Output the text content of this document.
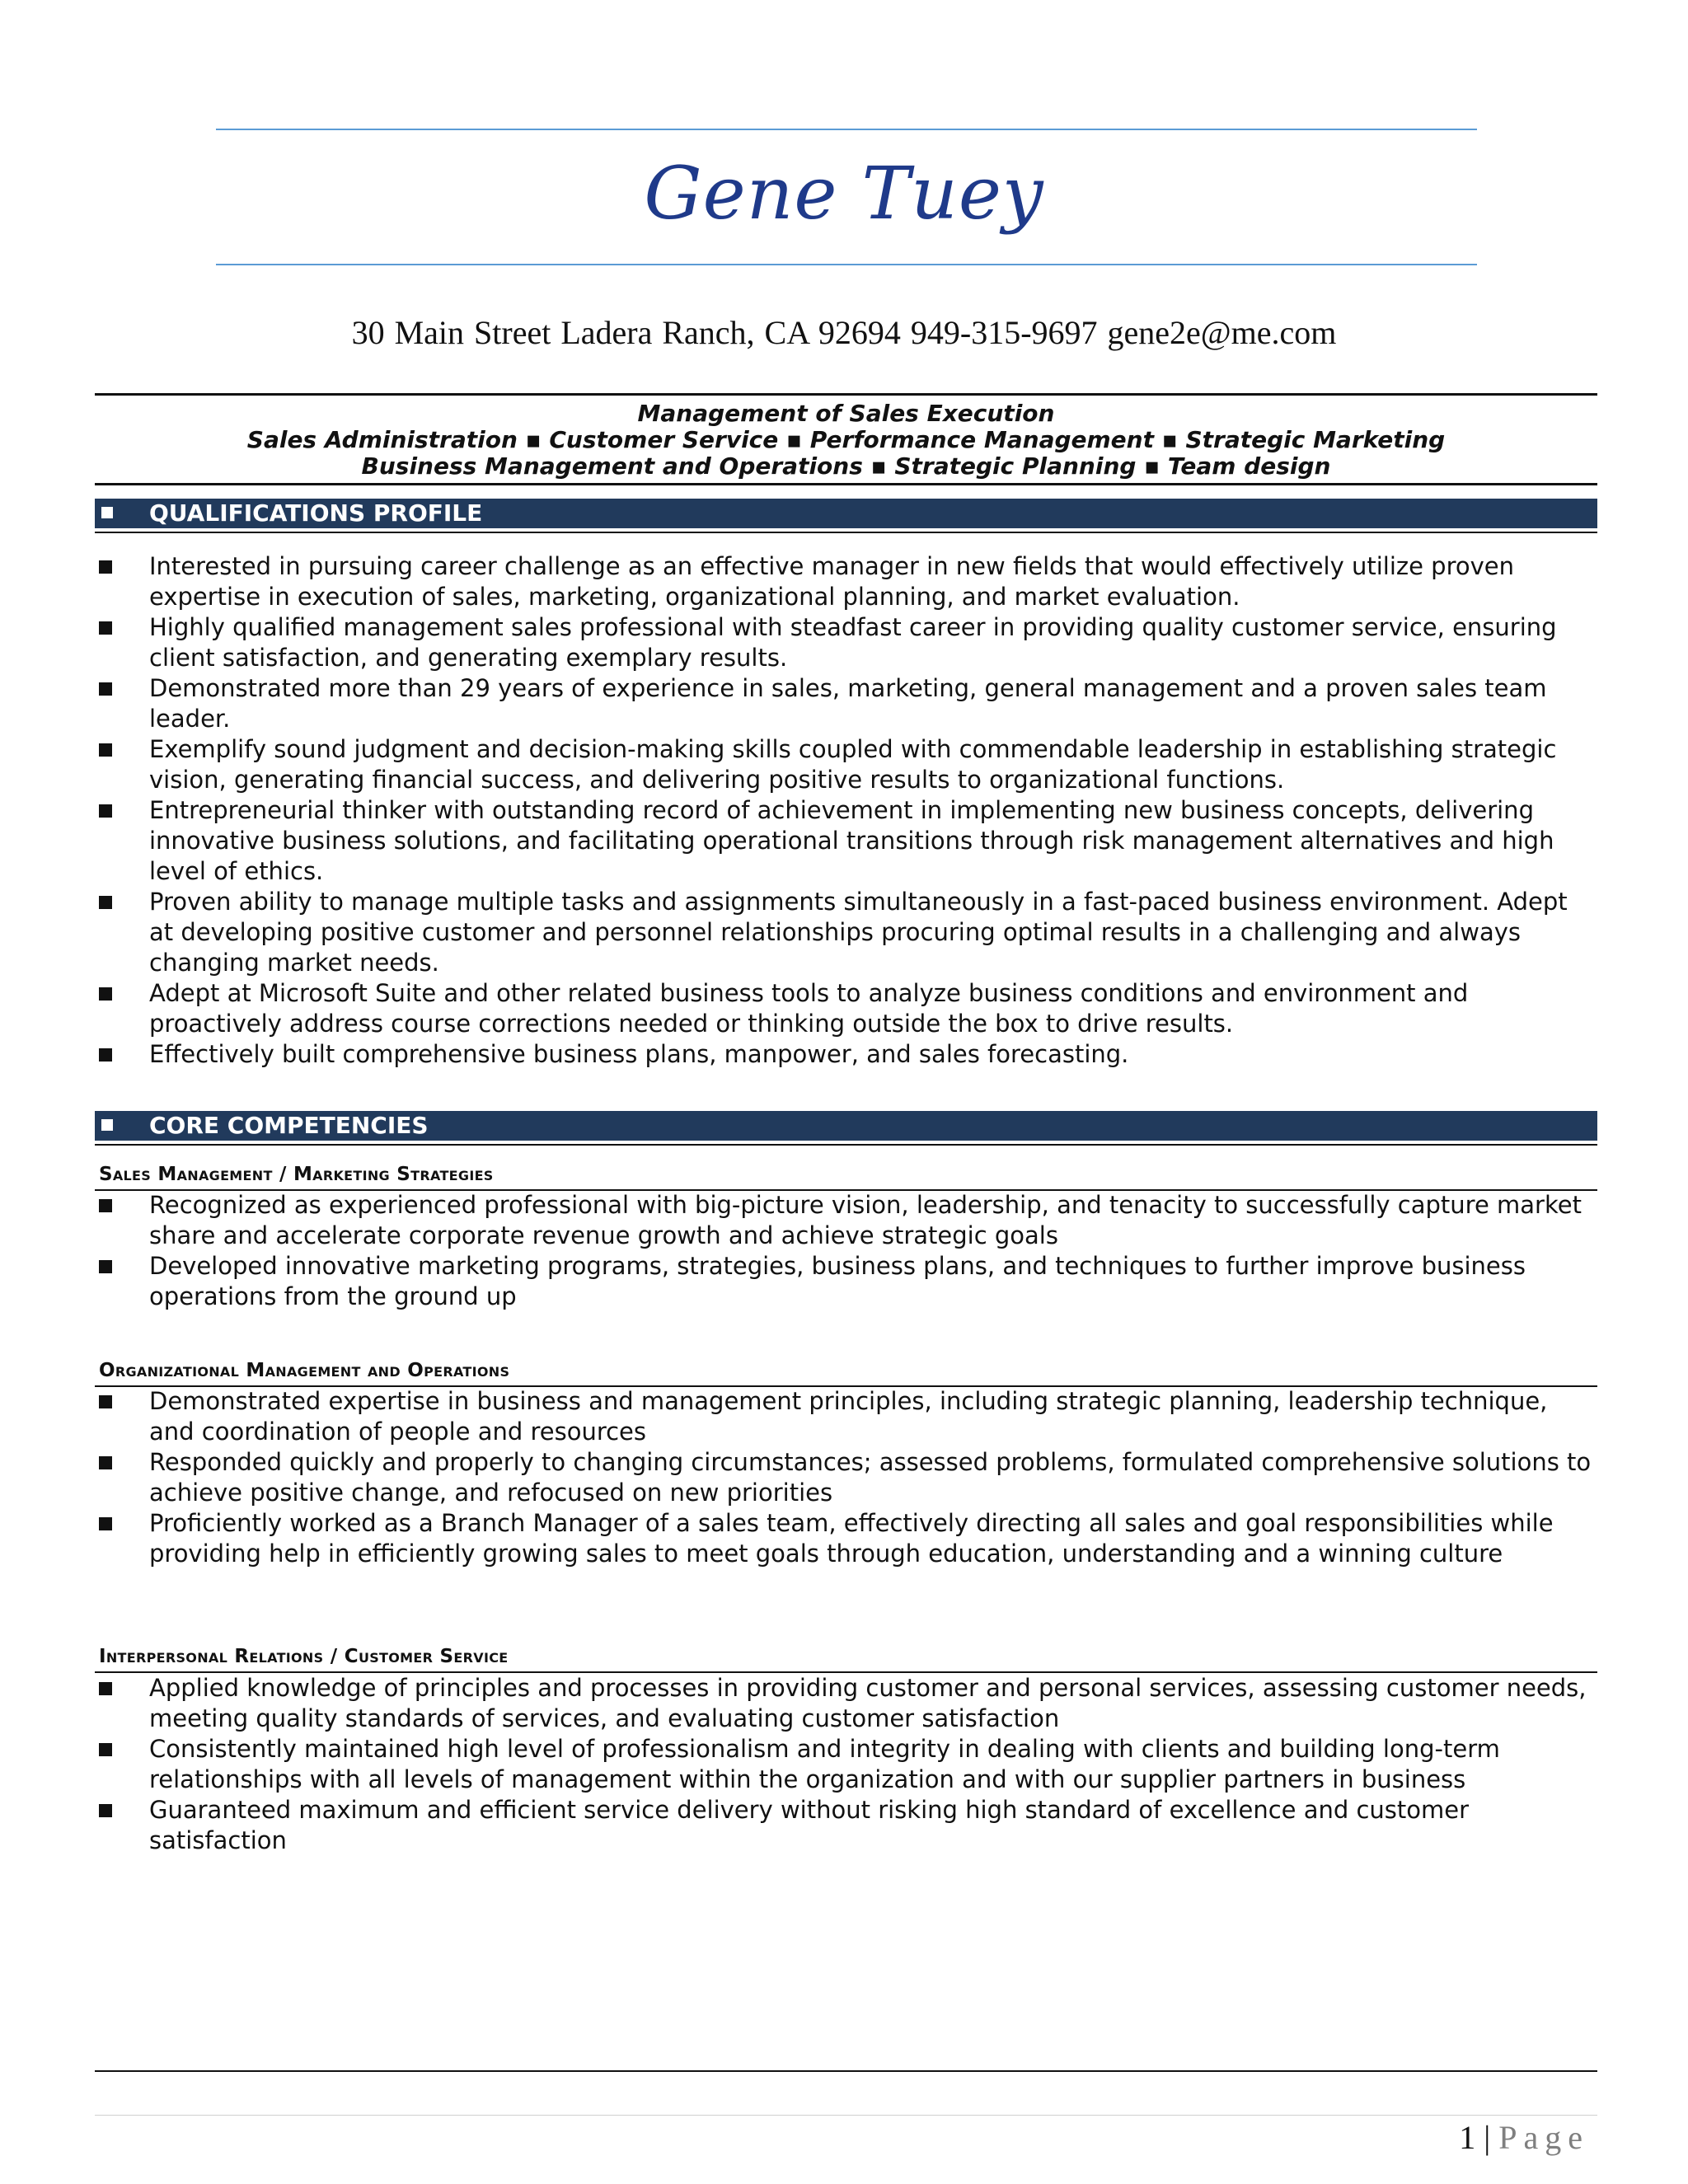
Gene Tuey
30 Main Street Ladera Ranch, CA 92694 949-315-9697 gene2e@me.com
Management of Sales Execution
Sales Administration ▪ Customer Service ▪ Performance Management ▪ Strategic Marketing
Business Management and Operations ▪ Strategic Planning ▪ Team design
QUALIFICATIONS PROFILE
Interested in pursuing career challenge as an effective manager in new fields that would effectively utilize proven expertise in execution of sales, marketing, organizational planning, and market evaluation.
Highly qualified management sales professional with steadfast career in providing quality customer service, ensuring client satisfaction, and generating exemplary results.
Demonstrated more than 29 years of experience in sales, marketing, general management and a proven sales team leader.
Exemplify sound judgment and decision-making skills coupled with commendable leadership in establishing strategic vision, generating financial success, and delivering positive results to organizational functions.
Entrepreneurial thinker with outstanding record of achievement in implementing new business concepts, delivering innovative business solutions, and facilitating operational transitions through risk management alternatives and high level of ethics.
Proven ability to manage multiple tasks and assignments simultaneously in a fast-paced business environment. Adept at developing positive customer and personnel relationships procuring optimal results in a challenging and always changing market needs.
Adept at Microsoft Suite and other related business tools to analyze business conditions and environment and proactively address course corrections needed or thinking outside the box to drive results.
Effectively built comprehensive business plans, manpower, and sales forecasting.
CORE COMPETENCIES
Sales Management / Marketing Strategies
Recognized as experienced professional with big-picture vision, leadership, and tenacity to successfully capture market share and accelerate corporate revenue growth and achieve strategic goals
Developed innovative marketing programs, strategies, business plans, and techniques to further improve business operations from the ground up
Organizational Management and Operations
Demonstrated expertise in business and management principles, including strategic planning, leadership technique, and coordination of people and resources
Responded quickly and properly to changing circumstances; assessed problems, formulated comprehensive solutions to achieve positive change, and refocused on new priorities
Proficiently worked as a Branch Manager of a sales team, effectively directing all sales and goal responsibilities while providing help in efficiently growing sales to meet goals through education, understanding and a winning culture
Interpersonal Relations / Customer Service
Applied knowledge of principles and processes in providing customer and personal services, assessing customer needs, meeting quality standards of services, and evaluating customer satisfaction
Consistently maintained high level of professionalism and integrity in dealing with clients and building long-term relationships with all levels of management within the organization and with our supplier partners in business
Guaranteed maximum and efficient service delivery without risking high standard of excellence and customer satisfaction
1 | Page
